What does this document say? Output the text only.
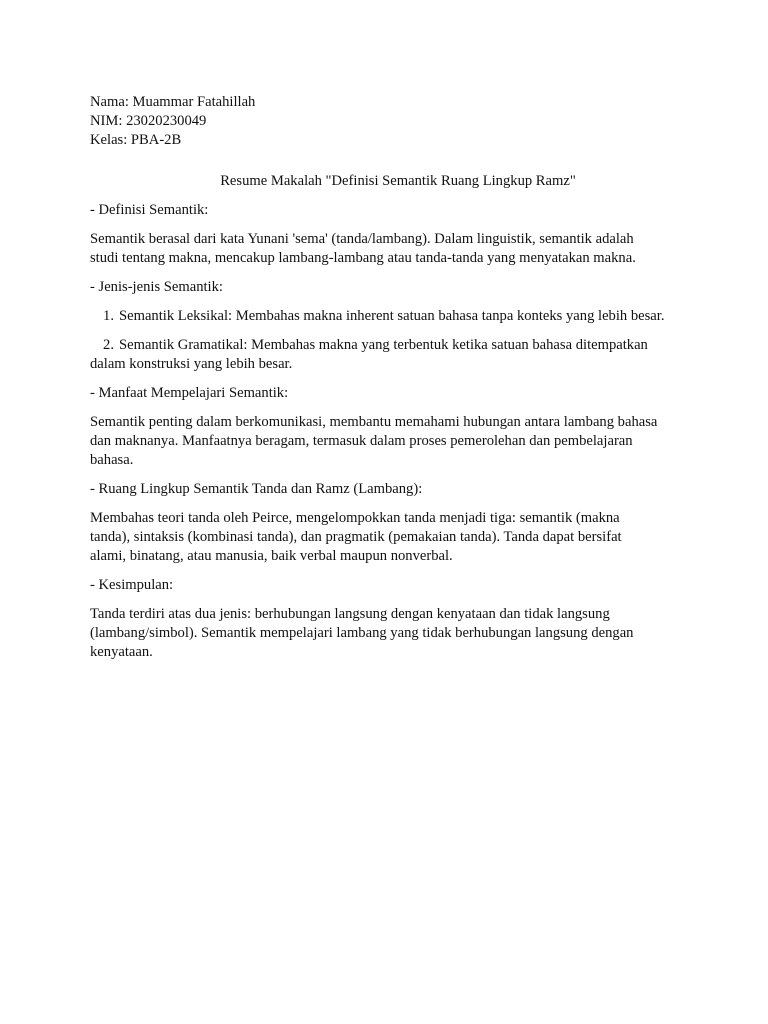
Nama: Muammar Fatahillah

NIM: 23020230049

Kelas: PBA-2B

Resume Makalah "Definisi Semantik Ruang Lingkup Ramz"

- Definisi Semantik:

Semantik berasal dari kata Yunani 'sema' (tanda/lambang). Dalam linguistik, semantik adalah

studi tentang makna, mencakup lambang-lambang atau tanda-tanda yang menyatakan makna.

- Jenis-jenis Semantik:

1. Semantik Leksikal: Membahas makna inherent satuan bahasa tanpa konteks yang lebih besar.

2. Semantik Gramatikal: Membahas makna yang terbentuk ketika satuan bahasa ditempatkan

dalam konstruksi yang lebih besar.

- Manfaat Mempelajari Semantik:

Semantik penting dalam berkomunikasi, membantu memahami hubungan antara lambang bahasa

dan maknanya. Manfaatnya beragam, termasuk dalam proses pemerolehan dan pembelajaran

bahasa.

- Ruang Lingkup Semantik Tanda dan Ramz (Lambang):

Membahas teori tanda oleh Peirce, mengelompokkan tanda menjadi tiga: semantik (makna

tanda), sintaksis (kombinasi tanda), dan pragmatik (pemakaian tanda). Tanda dapat bersifat

alami, binatang, atau manusia, baik verbal maupun nonverbal.

- Kesimpulan:

Tanda terdiri atas dua jenis: berhubungan langsung dengan kenyataan dan tidak langsung

(lambang/simbol). Semantik mempelajari lambang yang tidak berhubungan langsung dengan

kenyataan.
